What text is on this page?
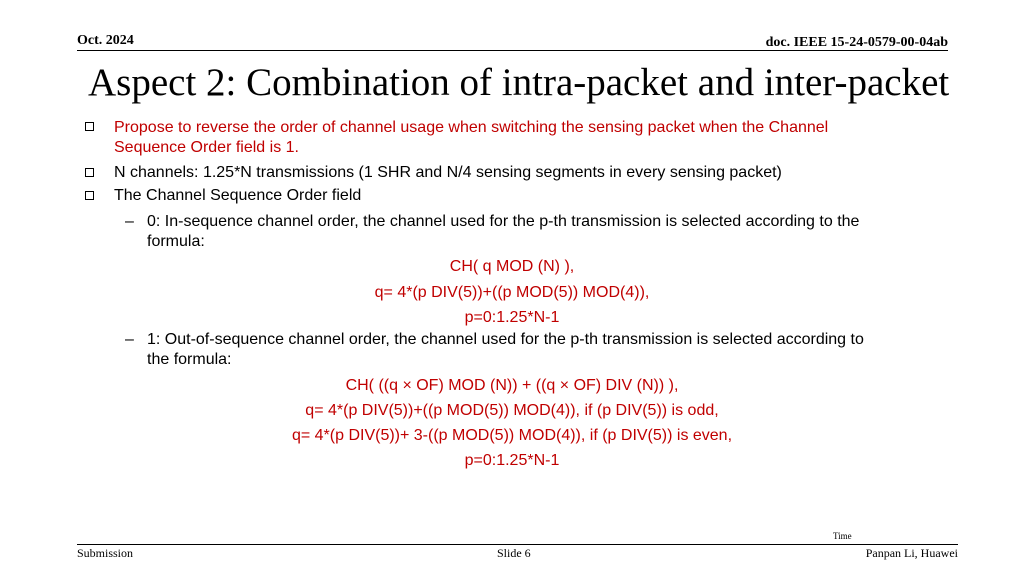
Oct. 2024	doc. IEEE 15-24-0579-00-04ab
Aspect 2: Combination of intra-packet and inter-packet
Propose to reverse the order of channel usage when switching the sensing packet when the Channel
Sequence Order field is 1.
N channels: 1.25*N transmissions (1 SHR and N/4 sensing segments in every sensing packet)
The Channel Sequence Order field
– 0: In-sequence channel order, the channel used for the p-th transmission is selected according to the
formula:
CH( q MOD (N) ),
q= 4*(p DIV(5))+((p MOD(5)) MOD(4)),
p=0:1.25*N-1
– 1: Out-of-sequence channel order, the channel used for the p-th transmission is selected according to
the formula:
CH( ((q × OF) MOD (N)) + ((q × OF) DIV (N)) ),
q= 4*(p DIV(5))+((p MOD(5)) MOD(4)), if (p DIV(5)) is odd,
q= 4*(p DIV(5))+ 3-((p MOD(5)) MOD(4)), if (p DIV(5)) is even,
p=0:1.25*N-1
Time
Submission	Slide 6	Panpan Li, Huawei
